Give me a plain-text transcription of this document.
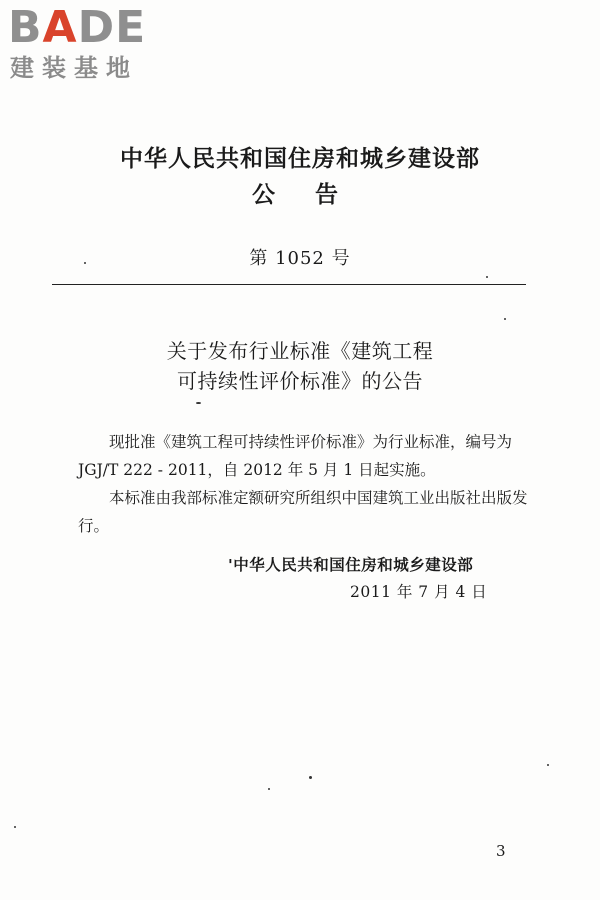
BADE
建装基地
中华人民共和国住房和城乡建设部
公告
第 1052 号
关于发布行业标准《建筑工程
可持续性评价标准》的公告

现批准《建筑工程可持续性评价标准》为行业标准，编号为 JGJ/T 222 - 2011，自 2012 年 5 月 1 日起实施。

本标准由我部标准定额研究所组织中国建筑工业出版社出版发行。

'中华人民共和国住房和城乡建设部
2011 年 7 月 4 日
3
